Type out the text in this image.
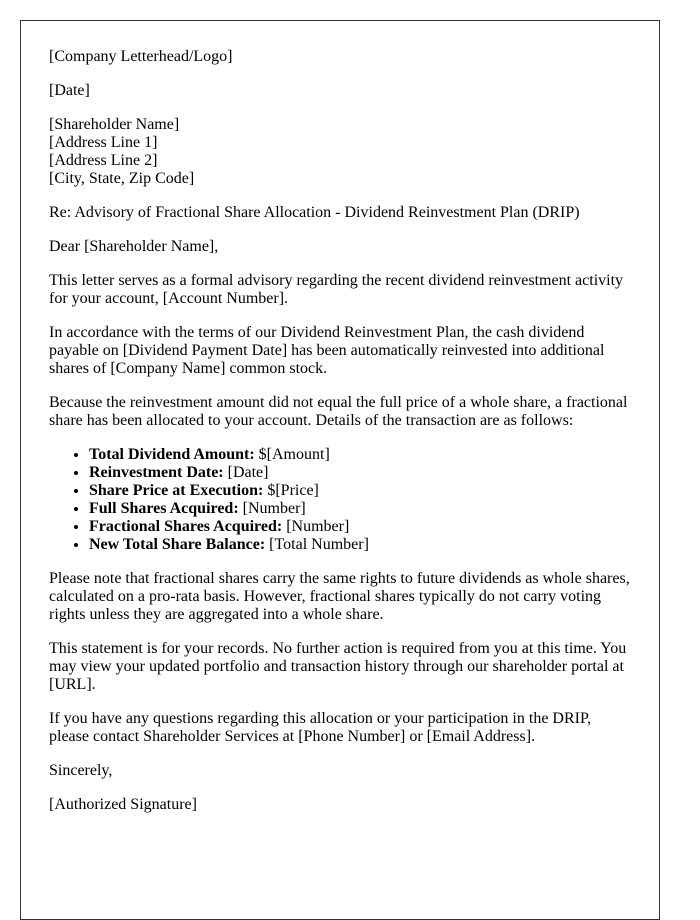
[Company Letterhead/Logo]

[Date]

[Shareholder Name]
[Address Line 1]
[Address Line 2]
[City, State, Zip Code]

Re: Advisory of Fractional Share Allocation - Dividend Reinvestment Plan (DRIP)

Dear [Shareholder Name],

This letter serves as a formal advisory regarding the recent dividend reinvestment activity for your account, [Account Number].

In accordance with the terms of our Dividend Reinvestment Plan, the cash dividend payable on [Dividend Payment Date] has been automatically reinvested into additional shares of [Company Name] common stock.

Because the reinvestment amount did not equal the full price of a whole share, a fractional share has been allocated to your account. Details of the transaction are as follows:

• Total Dividend Amount: $[Amount]
• Reinvestment Date: [Date]
• Share Price at Execution: $[Price]
• Full Shares Acquired: [Number]
• Fractional Shares Acquired: [Number]
• New Total Share Balance: [Total Number]

Please note that fractional shares carry the same rights to future dividends as whole shares, calculated on a pro-rata basis. However, fractional shares typically do not carry voting rights unless they are aggregated into a whole share.

This statement is for your records. No further action is required from you at this time. You may view your updated portfolio and transaction history through our shareholder portal at [URL].

If you have any questions regarding this allocation or your participation in the DRIP, please contact Shareholder Services at [Phone Number] or [Email Address].

Sincerely,

[Authorized Signature]
